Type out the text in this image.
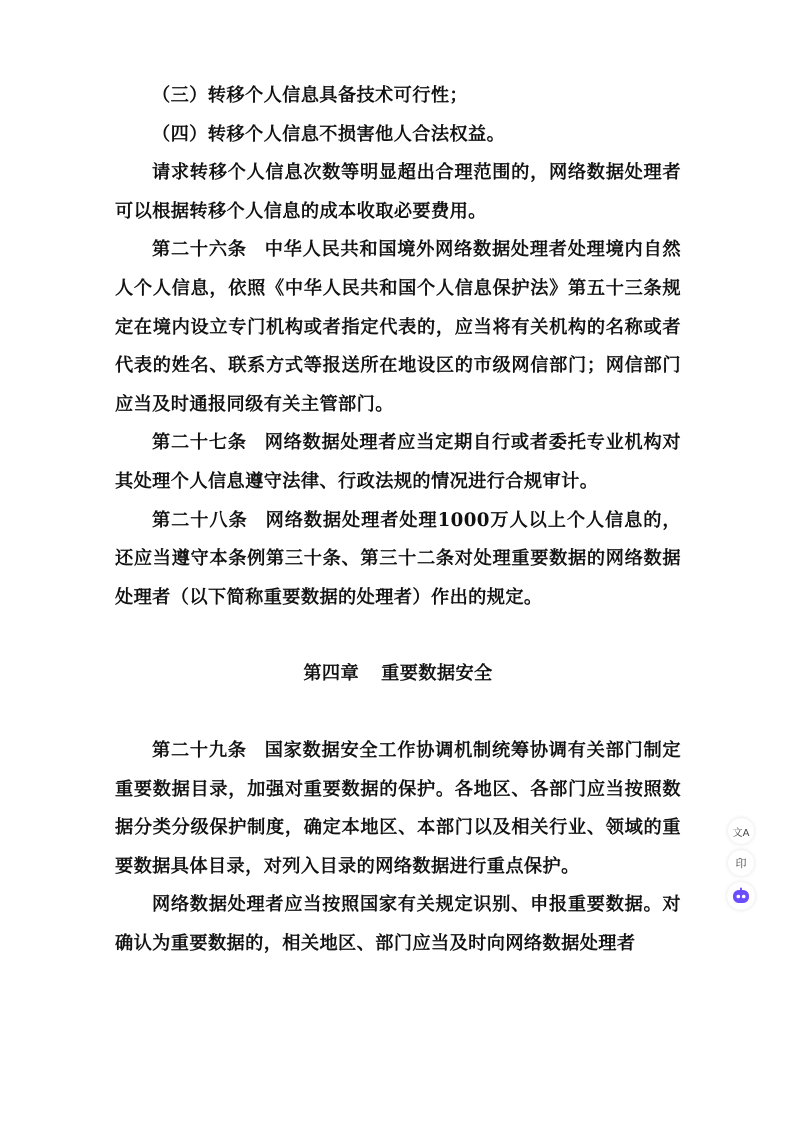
（三）转移个人信息具备技术可行性；

（四）转移个人信息不损害他人合法权益。

请求转移个人信息次数等明显超出合理范围的，网络数据处理者可以根据转移个人信息的成本收取必要费用。

第二十六条 中华人民共和国境外网络数据处理者处理境内自然人个人信息，依照《中华人民共和国个人信息保护法》第五十三条规定在境内设立专门机构或者指定代表的，应当将有关机构的名称或者代表的姓名、联系方式等报送所在地设区的市级网信部门；网信部门应当及时通报同级有关主管部门。

第二十七条 网络数据处理者应当定期自行或者委托专业机构对其处理个人信息遵守法律、行政法规的情况进行合规审计。

第二十八条 网络数据处理者处理1000万人以上个人信息的，还应当遵守本条例第三十条、第三十二条对处理重要数据的网络数据处理者（以下简称重要数据的处理者）作出的规定。

第四章 重要数据安全

第二十九条 国家数据安全工作协调机制统筹协调有关部门制定重要数据目录，加强对重要数据的保护。各地区、各部门应当按照数据分类分级保护制度，确定本地区、本部门以及相关行业、领域的重要数据具体目录，对列入目录的网络数据进行重点保护。

网络数据处理者应当按照国家有关规定识别、申报重要数据。对确认为重要数据的，相关地区、部门应当及时向网络数据处理者

文A
印
